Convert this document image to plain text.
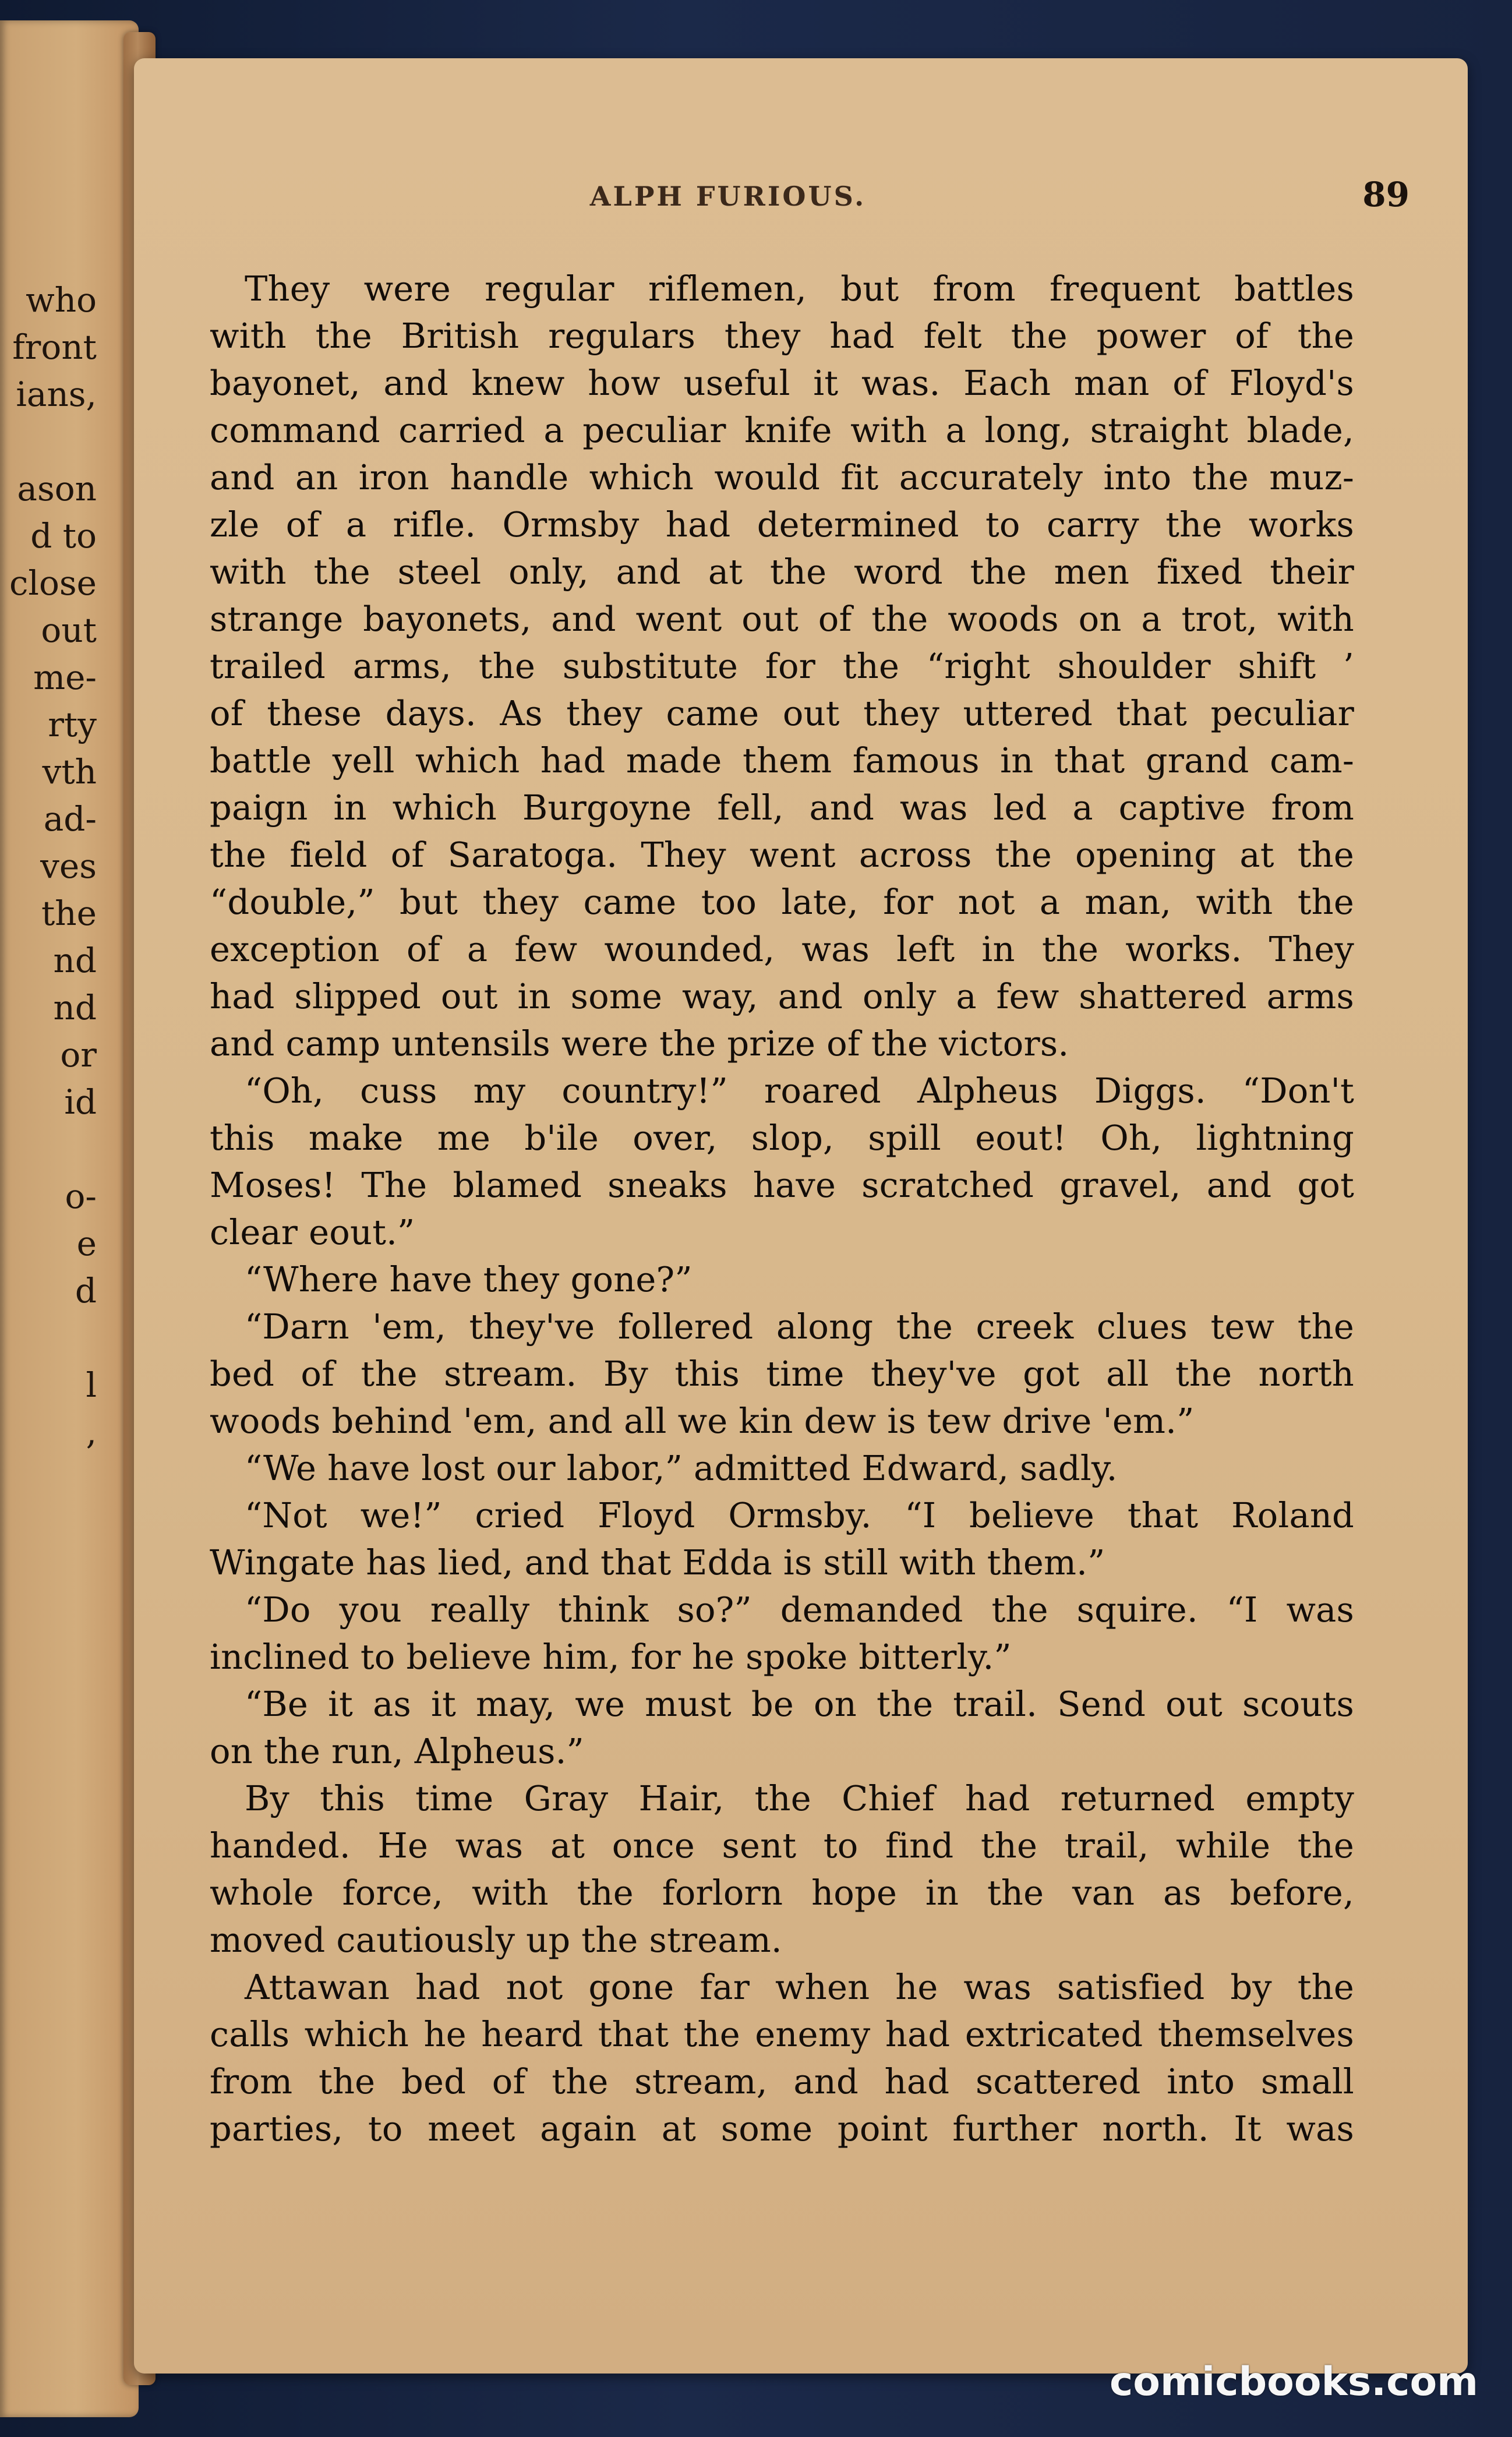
who
front
ians,
ason
d to
close
out
me-
rty
vth
ad-
ves
the
nd
nd
or
id
o-
e
d
l
,
ALPH FURIOUS.	89
They were regular riflemen, but from frequent battles
with the British regulars they had felt the power of the
bayonet, and knew how useful it was. Each man of Floyd's
command carried a peculiar knife with a long, straight blade,
and an iron handle which would fit accurately into the muz-
zle of a rifle. Ormsby had determined to carry the works
with the steel only, and at the word the men fixed their
strange bayonets, and went out of the woods on a trot, with
trailed arms, the substitute for the “right shoulder shift ’
of these days. As they came out they uttered that peculiar
battle yell which had made them famous in that grand cam-
paign in which Burgoyne fell, and was led a captive from
the field of Saratoga. They went across the opening at the
“double,” but they came too late, for not a man, with the
exception of a few wounded, was left in the works. They
had slipped out in some way, and only a few shattered arms
and camp untensils were the prize of the victors.
“Oh, cuss my country!” roared Alpheus Diggs. “Don't
this make me b'ile over, slop, spill eout! Oh, lightning
Moses! The blamed sneaks have scratched gravel, and got
clear eout.”
“Where have they gone?”
“Darn 'em, they've follered along the creek clues tew the
bed of the stream. By this time they've got all the north
woods behind 'em, and all we kin dew is tew drive 'em.”
“We have lost our labor,” admitted Edward, sadly.
“Not we!” cried Floyd Ormsby. “I believe that Roland
Wingate has lied, and that Edda is still with them.”
“Do you really think so?” demanded the squire. “I was
inclined to believe him, for he spoke bitterly.”
“Be it as it may, we must be on the trail. Send out scouts
on the run, Alpheus.”
By this time Gray Hair, the Chief had returned empty
handed. He was at once sent to find the trail, while the
whole force, with the forlorn hope in the van as before,
moved cautiously up the stream.
Attawan had not gone far when he was satisfied by the
calls which he heard that the enemy had extricated themselves
from the bed of the stream, and had scattered into small
parties, to meet again at some point further north. It was
comicbooks.com
